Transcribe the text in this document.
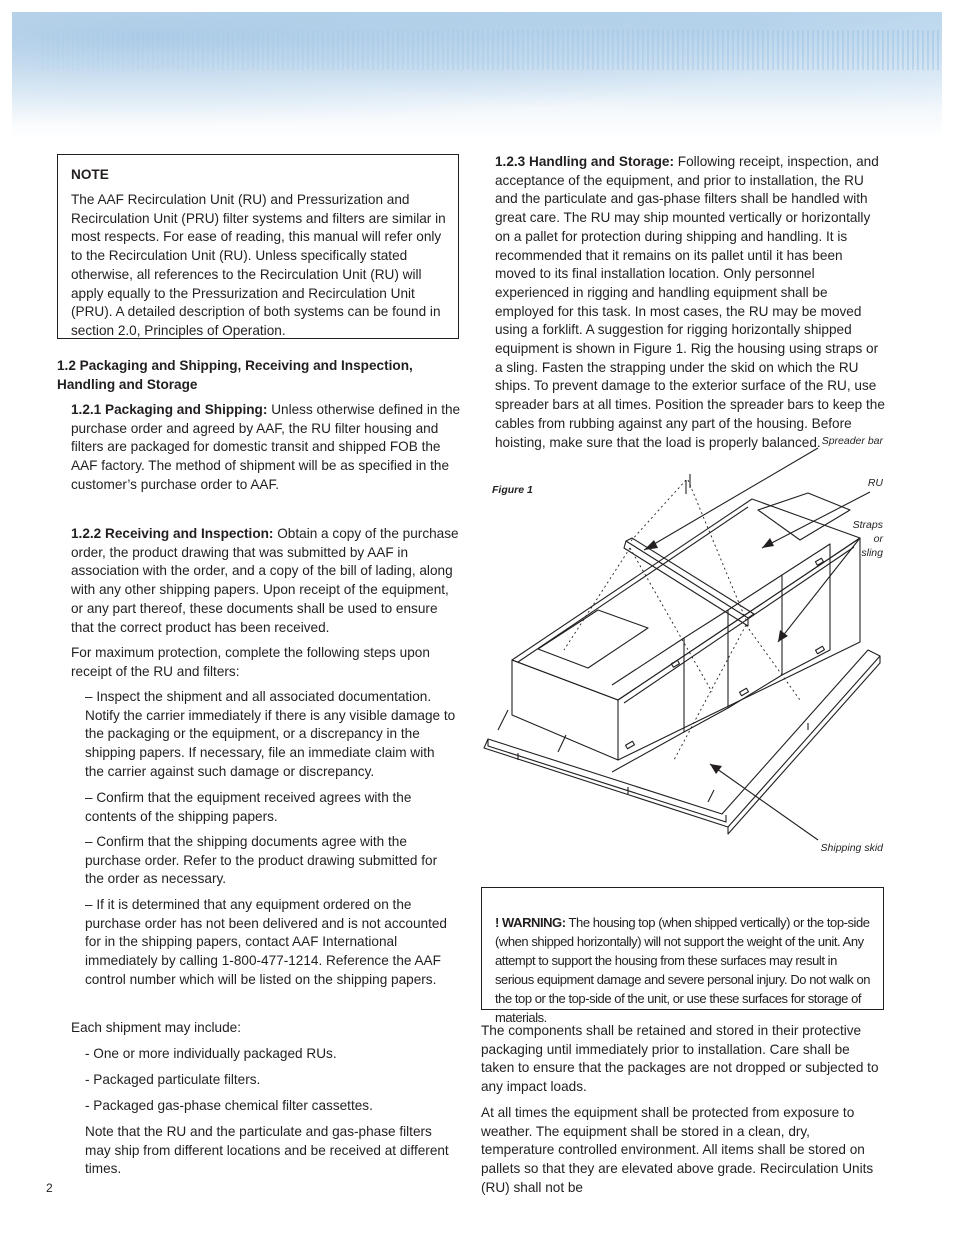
NOTE

The AAF Recirculation Unit (RU) and Pressurization and Recirculation Unit (PRU) filter systems and filters are similar in most respects. For ease of reading, this manual will refer only to the Recirculation Unit (RU). Unless specifically stated otherwise, all references to the Recirculation Unit (RU) will apply equally to the Pressurization and Recirculation Unit (PRU). A detailed description of both systems can be found in section 2.0, Principles of Operation.

1.2 Packaging and Shipping, Receiving and Inspection, Handling and Storage

1.2.1 Packaging and Shipping: Unless otherwise defined in the purchase order and agreed by AAF, the RU filter housing and filters are packaged for domestic transit and shipped FOB the AAF factory. The method of shipment will be as specified in the customer’s purchase order to AAF.

1.2.2 Receiving and Inspection: Obtain a copy of the purchase order, the product drawing that was submitted by AAF in association with the order, and a copy of the bill of lading, along with any other shipping papers. Upon receipt of the equipment, or any part thereof, these documents shall be used to ensure that the correct product has been received.

For maximum protection, complete the following steps upon receipt of the RU and filters:

– Inspect the shipment and all associated documentation. Notify the carrier immediately if there is any visible damage to the packaging or the equipment, or a discrepancy in the shipping papers. If necessary, file an immediate claim with the carrier against such damage or discrepancy.

– Confirm that the equipment received agrees with the contents of the shipping papers.

– Confirm that the shipping documents agree with the purchase order. Refer to the product drawing submitted for the order as necessary.

– If it is determined that any equipment ordered on the purchase order has not been delivered and is not accounted for in the shipping papers, contact AAF International immediately by calling 1-800-477-1214. Reference the AAF control number which will be listed on the shipping papers.

Each shipment may include:

- One or more individually packaged RUs.

- Packaged particulate filters.

- Packaged gas-phase chemical filter cassettes.

Note that the RU and the particulate and gas-phase filters may ship from different locations and be received at different times.

1.2.3 Handling and Storage: Following receipt, inspection, and acceptance of the equipment, and prior to installation, the RU and the particulate and gas-phase filters shall be handled with great care. The RU may ship mounted vertically or horizontally on a pallet for protection during shipping and handling. It is recommended that it remains on its pallet until it has been moved to its final installation location. Only personnel experienced in rigging and handling equipment shall be employed for this task. In most cases, the RU may be moved using a forklift. A suggestion for rigging horizontally shipped equipment is shown in Figure 1. Rig the housing using straps or a sling. Fasten the strapping under the skid on which the RU ships. To prevent damage to the exterior surface of the RU, use spreader bars at all times. Position the spreader bars to keep the cables from rubbing against any part of the housing. Before hoisting, make sure that the load is properly balanced.

Figure 1
Spreader bar
RU
Straps
or
sling
Shipping skid

! WARNING: The housing top (when shipped vertically) or the top-side (when shipped horizontally) will not support the weight of the unit. Any attempt to support the housing from these surfaces may result in serious equipment damage and severe personal injury. Do not walk on the top or the top-side of the unit, or use these surfaces for storage of materials.

The components shall be retained and stored in their protective packaging until immediately prior to installation. Care shall be taken to ensure that the packages are not dropped or subjected to any impact loads.

At all times the equipment shall be protected from exposure to weather. The equipment shall be stored in a clean, dry, temperature controlled environment. All items shall be stored on pallets so that they are elevated above grade. Recirculation Units (RU) shall not be

2
